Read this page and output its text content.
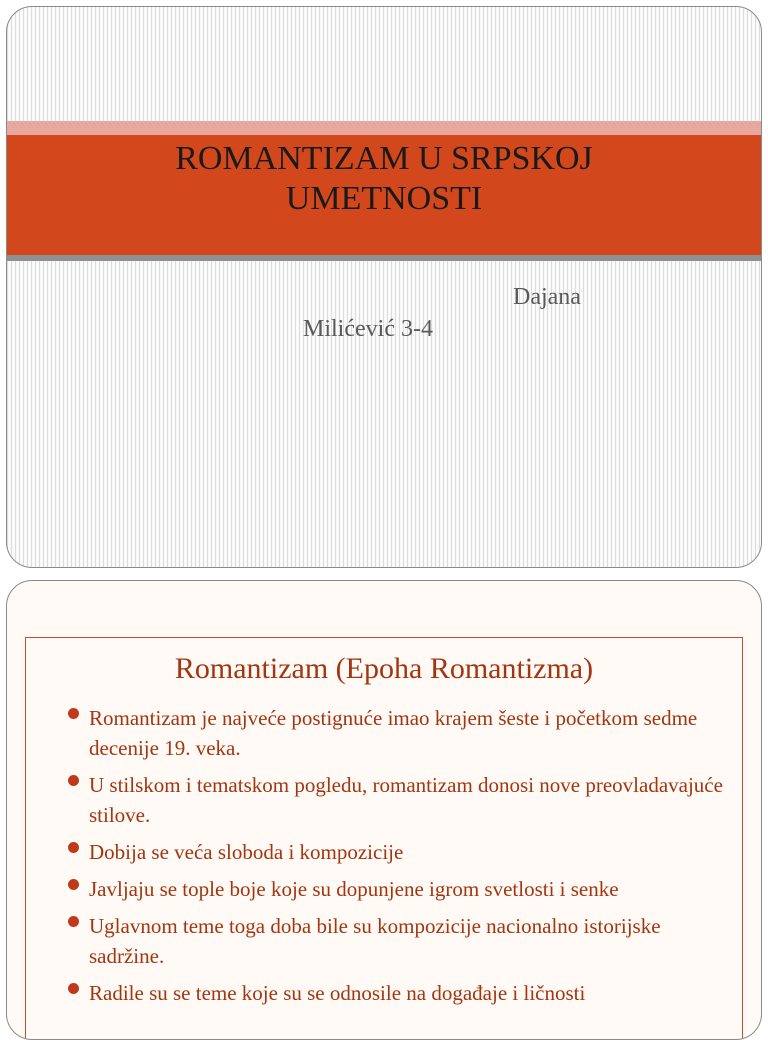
ROMANTIZAM U SRPSKOJ
UMETNOSTI
Dajana
Milićević 3-4
Romantizam (Epoha Romantizma)
Romantizam je najveće postignuće imao krajem šeste i početkom sedme decenije 19. veka.
U stilskom i tematskom pogledu, romantizam donosi nove preovladavajuće stilove.
Dobija se veća sloboda i kompozicije
Javljaju se tople boje koje su dopunjene igrom svetlosti i senke
Uglavnom teme toga doba bile su kompozicije nacionalno istorijske sadržine.
Radile su se teme koje su se odnosile na događaje i ličnosti
